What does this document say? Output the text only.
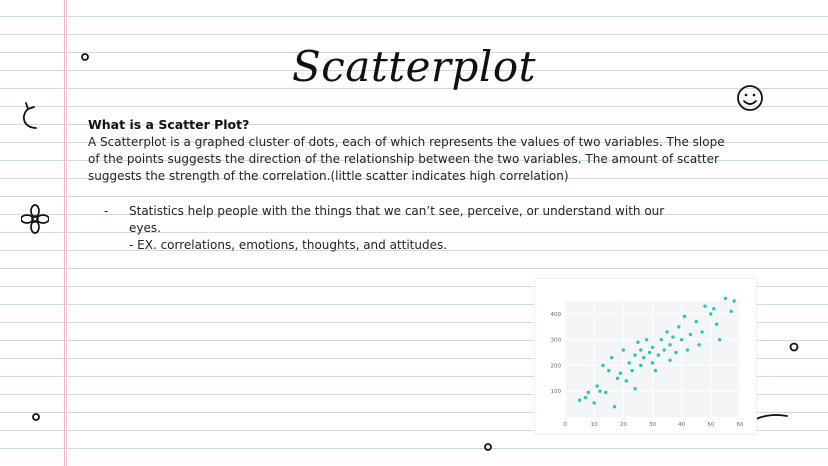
Scatterplot
What is a Scatter Plot?

A Scatterplot is a graphed cluster of dots, each of which represents the values of two variables. The slope of the points suggests the direction of the relationship between the two variables. The amount of scatter suggests the strength of the correlation.(little scatter indicates high correlation)

- Statistics help people with the things that we can’t see, perceive, or understand with our eyes.
- EX. correlations, emotions, thoughts, and attitudes.
100
200
300
400
0	10	20	30	40	50	60
